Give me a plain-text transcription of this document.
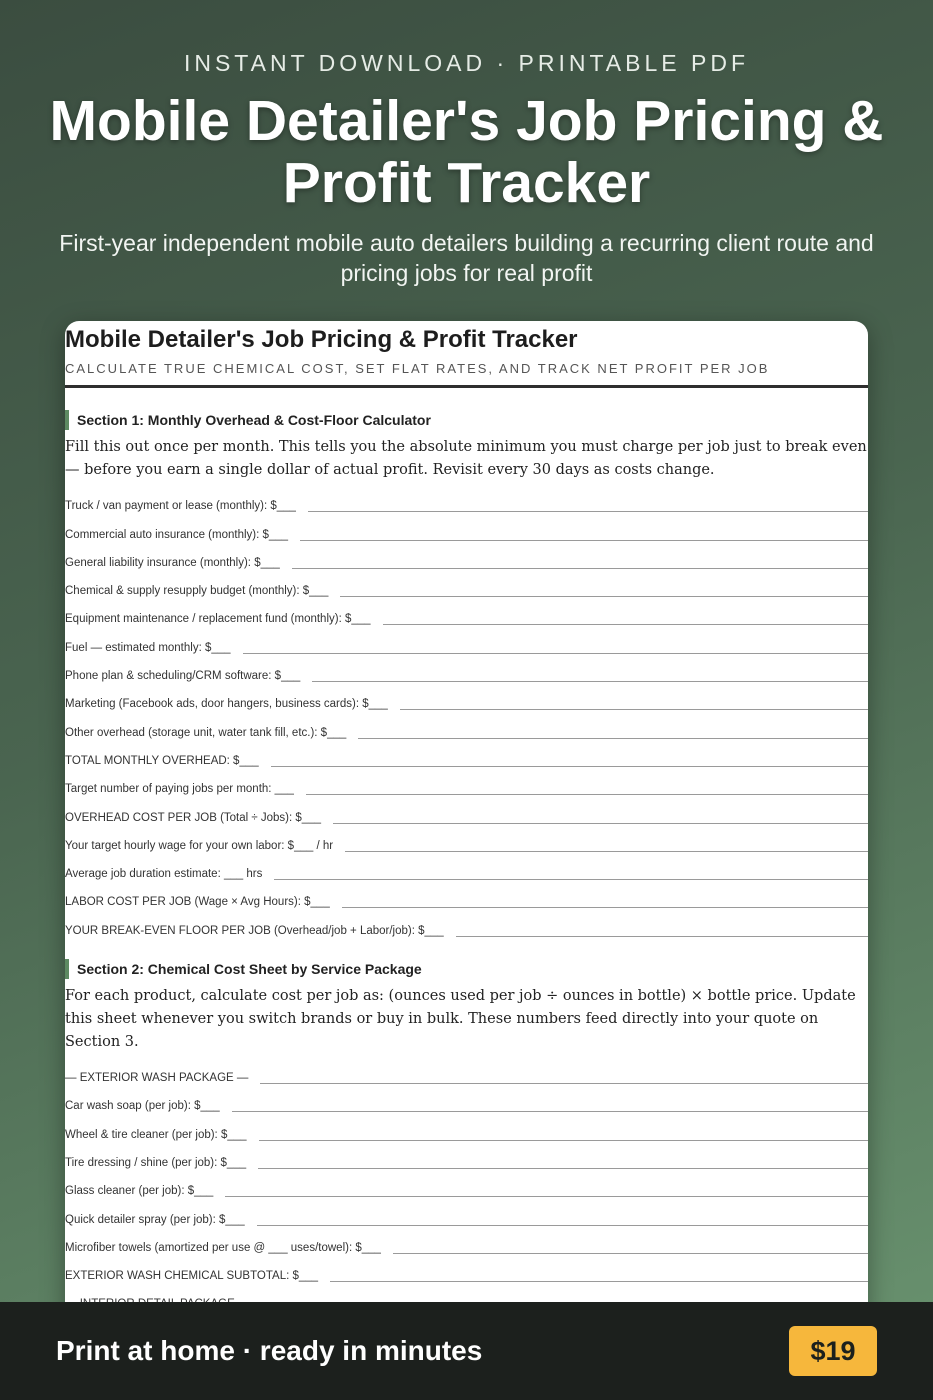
INSTANT DOWNLOAD · PRINTABLE PDF
Mobile Detailer's Job Pricing & Profit Tracker
First-year independent mobile auto detailers building a recurring client route and pricing jobs for real profit
Mobile Detailer's Job Pricing & Profit Tracker
CALCULATE TRUE CHEMICAL COST, SET FLAT RATES, AND TRACK NET PROFIT PER JOB
Section 1: Monthly Overhead & Cost-Floor Calculator
Fill this out once per month. This tells you the absolute minimum you must charge per job just to break even — before you earn a single dollar of actual profit. Revisit every 30 days as costs change.
Truck / van payment or lease (monthly): $___
Commercial auto insurance (monthly): $___
General liability insurance (monthly): $___
Chemical & supply resupply budget (monthly): $___
Equipment maintenance / replacement fund (monthly): $___
Fuel — estimated monthly: $___
Phone plan & scheduling/CRM software: $___
Marketing (Facebook ads, door hangers, business cards): $___
Other overhead (storage unit, water tank fill, etc.): $___
TOTAL MONTHLY OVERHEAD: $___
Target number of paying jobs per month: ___
OVERHEAD COST PER JOB (Total ÷ Jobs): $___
Your target hourly wage for your own labor: $___ / hr
Average job duration estimate: ___ hrs
LABOR COST PER JOB (Wage × Avg Hours): $___
YOUR BREAK-EVEN FLOOR PER JOB (Overhead/job + Labor/job): $___
Section 2: Chemical Cost Sheet by Service Package
For each product, calculate cost per job as: (ounces used per job ÷ ounces in bottle) × bottle price. Update this sheet whenever you switch brands or buy in bulk. These numbers feed directly into your quote on Section 3.
— EXTERIOR WASH PACKAGE —
Car wash soap (per job): $___
Wheel & tire cleaner (per job): $___
Tire dressing / shine (per job): $___
Glass cleaner (per job): $___
Quick detailer spray (per job): $___
Microfiber towels (amortized per use @ ___ uses/towel): $___
EXTERIOR WASH CHEMICAL SUBTOTAL: $___
Print at home · ready in minutes	$19
